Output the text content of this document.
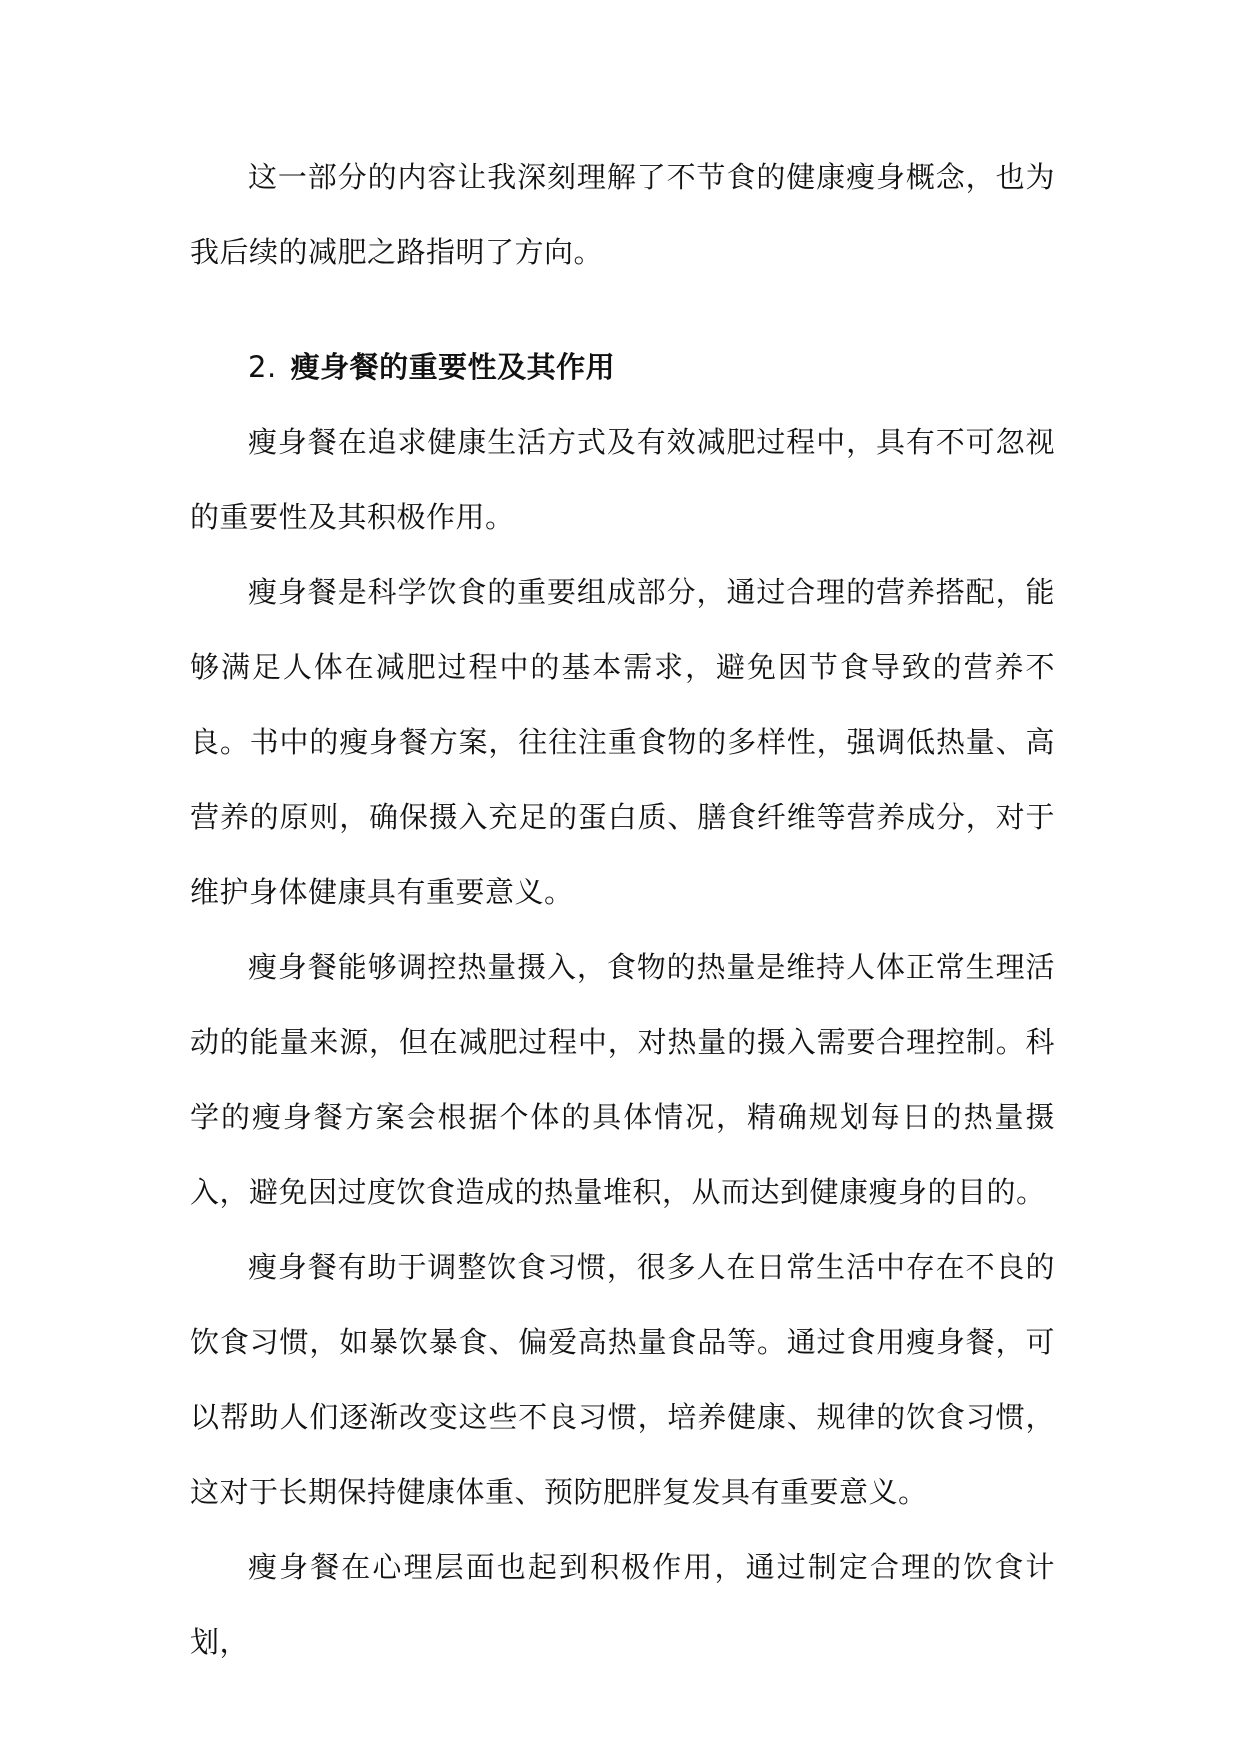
这一部分的内容让我深刻理解了不节食的健康瘦身概念，也为我后续的减肥之路指明了方向。

2. 瘦身餐的重要性及其作用

瘦身餐在追求健康生活方式及有效减肥过程中，具有不可忽视的重要性及其积极作用。

瘦身餐是科学饮食的重要组成部分，通过合理的营养搭配，能够满足人体在减肥过程中的基本需求，避免因节食导致的营养不良。书中的瘦身餐方案，往往注重食物的多样性，强调低热量、高营养的原则，确保摄入充足的蛋白质、膳食纤维等营养成分，对于维护身体健康具有重要意义。

瘦身餐能够调控热量摄入，食物的热量是维持人体正常生理活动的能量来源，但在减肥过程中，对热量的摄入需要合理控制。科学的瘦身餐方案会根据个体的具体情况，精确规划每日的热量摄入，避免因过度饮食造成的热量堆积，从而达到健康瘦身的目的。

瘦身餐有助于调整饮食习惯，很多人在日常生活中存在不良的饮食习惯，如暴饮暴食、偏爱高热量食品等。通过食用瘦身餐，可以帮助人们逐渐改变这些不良习惯，培养健康、规律的饮食习惯，这对于长期保持健康体重、预防肥胖复发具有重要意义。

瘦身餐在心理层面也起到积极作用，通过制定合理的饮食计划，
